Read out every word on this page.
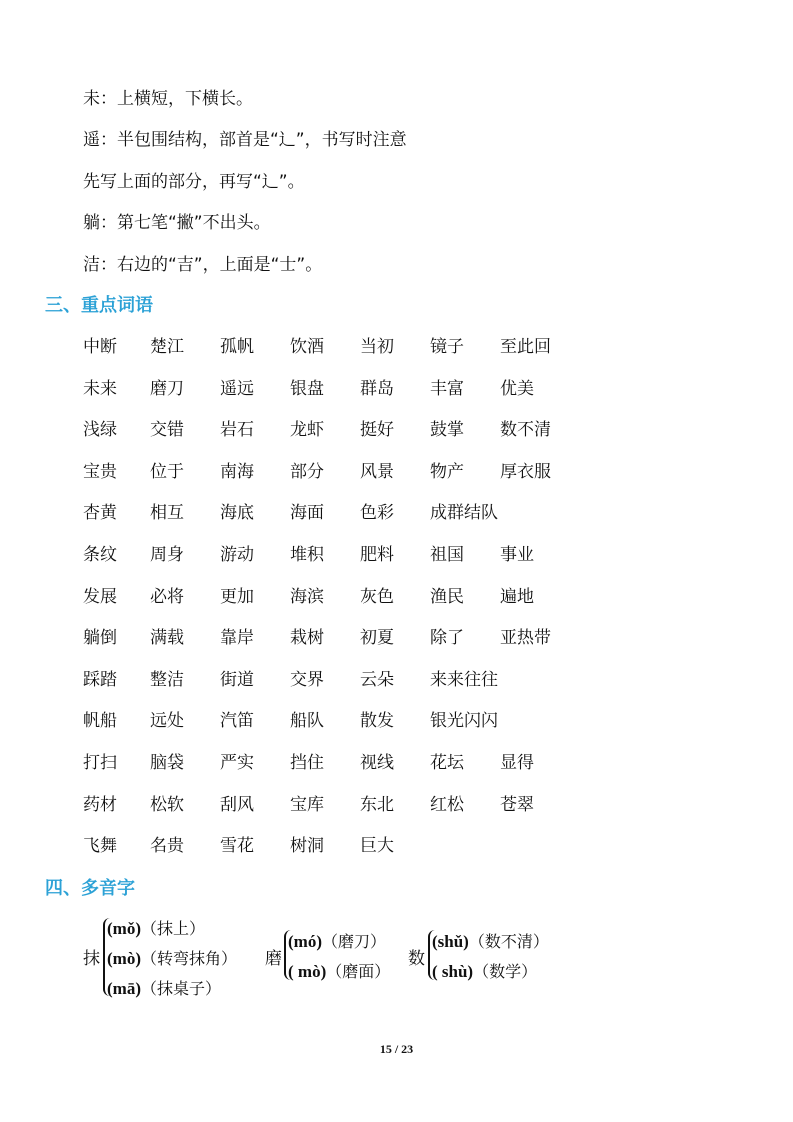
未：上横短，下横长。
遥：半包围结构，部首是“辶”，书写时注意
先写上面的部分，再写“辶”。
躺：第七笔“撇”不出头。
洁：右边的“吉”，上面是“士”。
三、重点词语
中断 楚江 孤帆 饮酒 当初 镜子 至此回
未来 磨刀 遥远 银盘 群岛 丰富 优美
浅绿 交错 岩石 龙虾 挺好 鼓掌 数不清
宝贵 位于 南海 部分 风景 物产 厚衣服
杏黄 相互 海底 海面 色彩 成群结队
条纹 周身 游动 堆积 肥料 祖国 事业
发展 必将 更加 海滨 灰色 渔民 遍地
躺倒 满载 靠岸 栽树 初夏 除了 亚热带
踩踏 整洁 街道 交界 云朵 来来往往
帆船 远处 汽笛 船队 散发 银光闪闪
打扫 脑袋 严实 挡住 视线 花坛 显得
药材 松软 刮风 宝库 东北 红松 苍翠
飞舞 名贵 雪花 树洞 巨大
四、多音字
抹
(mǒ)（抹上）
(mò)（转弯抹角）
(mā)（抹桌子）
磨
(mó)（磨刀）
( mò)（磨面）
数
(shǔ)（数不清）
( shù)（数学）
15 / 23
